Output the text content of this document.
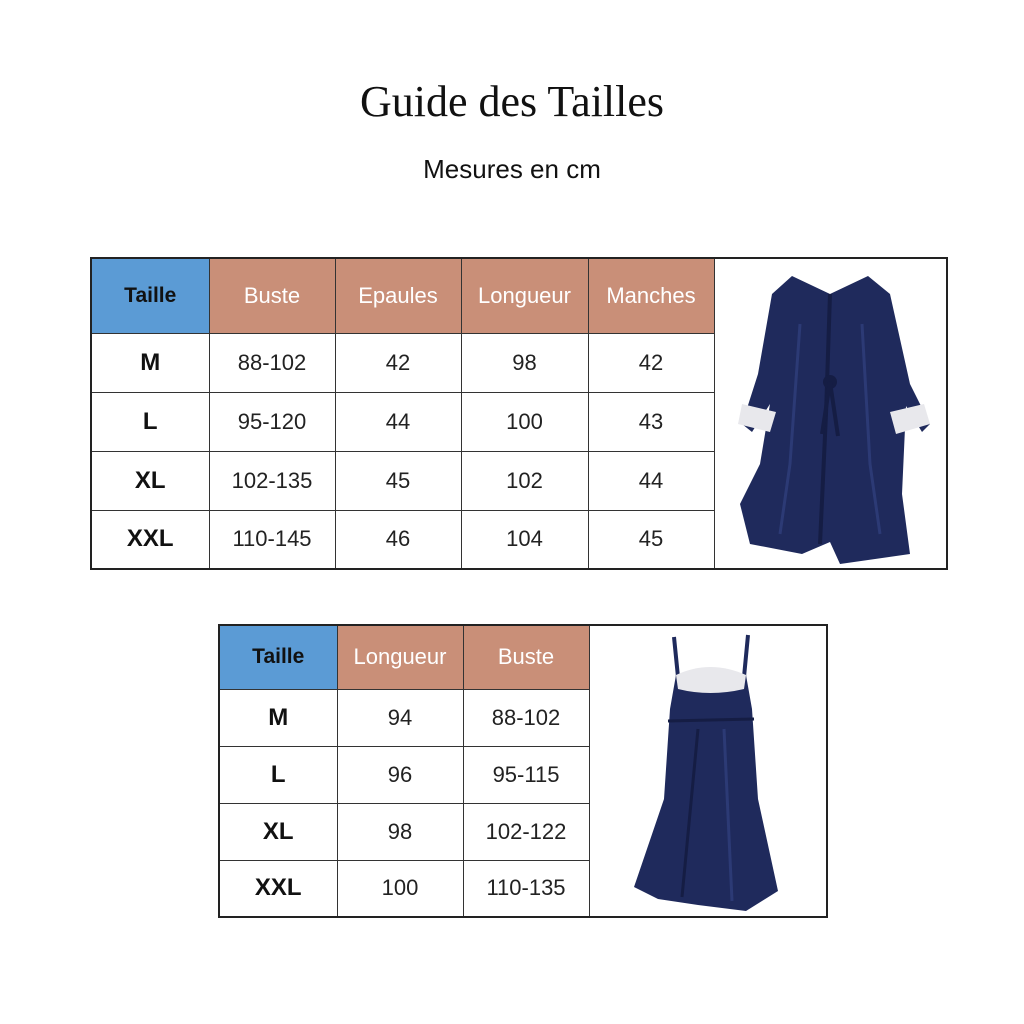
Guide des Tailles
Mesures en cm
Taille	Buste	Epaules	Longueur	Manches	

M	88-102	42	98	42	
L	95-120	44	100	43	
XL	102-135	45	102	44	
XXL	110-145	46	104	45	
Taille	Longueur	Buste	

M	94	88-102	
L	96	95-115	
XL	98	102-122	
XXL	100	110-135	
